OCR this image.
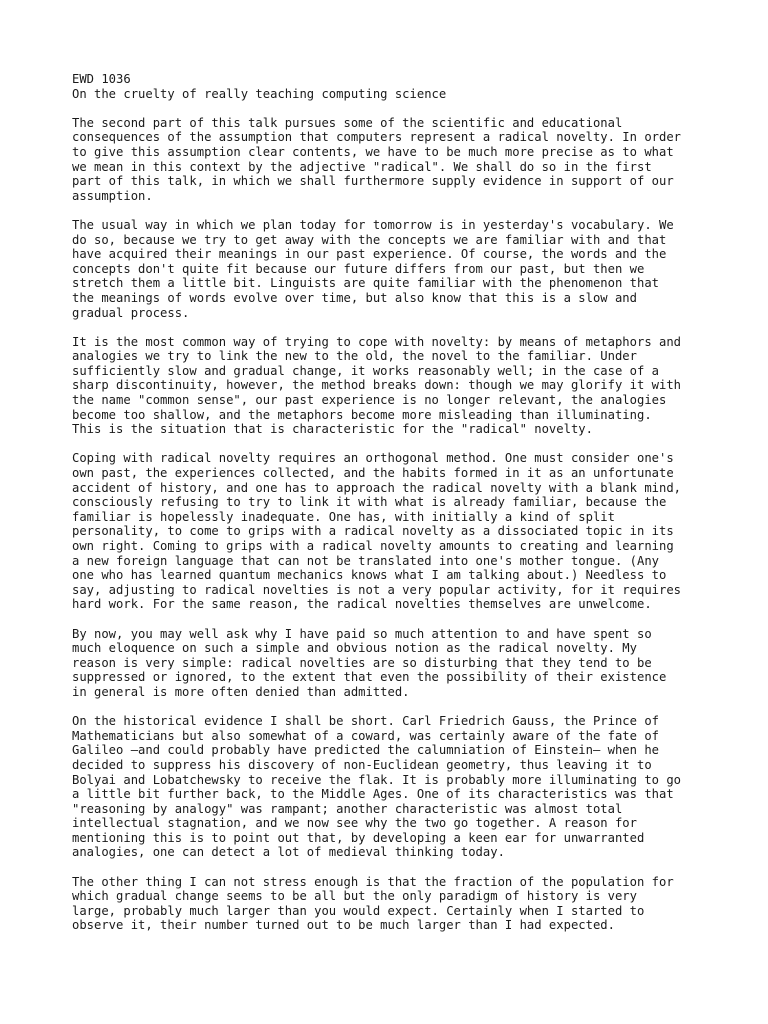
EWD 1036
On the cruelty of really teaching computing science
The second part of this talk pursues some of the scientific and educational
consequences of the assumption that computers represent a radical novelty. In order
to give this assumption clear contents, we have to be much more precise as to what
we mean in this context by the adjective "radical". We shall do so in the first
part of this talk, in which we shall furthermore supply evidence in support of our
assumption.
The usual way in which we plan today for tomorrow is in yesterday's vocabulary. We
do so, because we try to get away with the concepts we are familiar with and that
have acquired their meanings in our past experience. Of course, the words and the
concepts don't quite fit because our future differs from our past, but then we
stretch them a little bit. Linguists are quite familiar with the phenomenon that
the meanings of words evolve over time, but also know that this is a slow and
gradual process.
It is the most common way of trying to cope with novelty: by means of metaphors and
analogies we try to link the new to the old, the novel to the familiar. Under
sufficiently slow and gradual change, it works reasonably well; in the case of a
sharp discontinuity, however, the method breaks down: though we may glorify it with
the name "common sense", our past experience is no longer relevant, the analogies
become too shallow, and the metaphors become more misleading than illuminating.
This is the situation that is characteristic for the "radical" novelty.
Coping with radical novelty requires an orthogonal method. One must consider one's
own past, the experiences collected, and the habits formed in it as an unfortunate
accident of history, and one has to approach the radical novelty with a blank mind,
consciously refusing to try to link it with what is already familiar, because the
familiar is hopelessly inadequate. One has, with initially a kind of split
personality, to come to grips with a radical novelty as a dissociated topic in its
own right. Coming to grips with a radical novelty amounts to creating and learning
a new foreign language that can not be translated into one's mother tongue. (Any
one who has learned quantum mechanics knows what I am talking about.) Needless to
say, adjusting to radical novelties is not a very popular activity, for it requires
hard work. For the same reason, the radical novelties themselves are unwelcome.
By now, you may well ask why I have paid so much attention to and have spent so
much eloquence on such a simple and obvious notion as the radical novelty. My
reason is very simple: radical novelties are so disturbing that they tend to be
suppressed or ignored, to the extent that even the possibility of their existence
in general is more often denied than admitted.
On the historical evidence I shall be short. Carl Friedrich Gauss, the Prince of
Mathematicians but also somewhat of a coward, was certainly aware of the fate of
Galileo —and could probably have predicted the calumniation of Einstein— when he
decided to suppress his discovery of non-Euclidean geometry, thus leaving it to
Bolyai and Lobatchewsky to receive the flak. It is probably more illuminating to go
a little bit further back, to the Middle Ages. One of its characteristics was that
"reasoning by analogy" was rampant; another characteristic was almost total
intellectual stagnation, and we now see why the two go together. A reason for
mentioning this is to point out that, by developing a keen ear for unwarranted
analogies, one can detect a lot of medieval thinking today.
The other thing I can not stress enough is that the fraction of the population for
which gradual change seems to be all but the only paradigm of history is very
large, probably much larger than you would expect. Certainly when I started to
observe it, their number turned out to be much larger than I had expected.
